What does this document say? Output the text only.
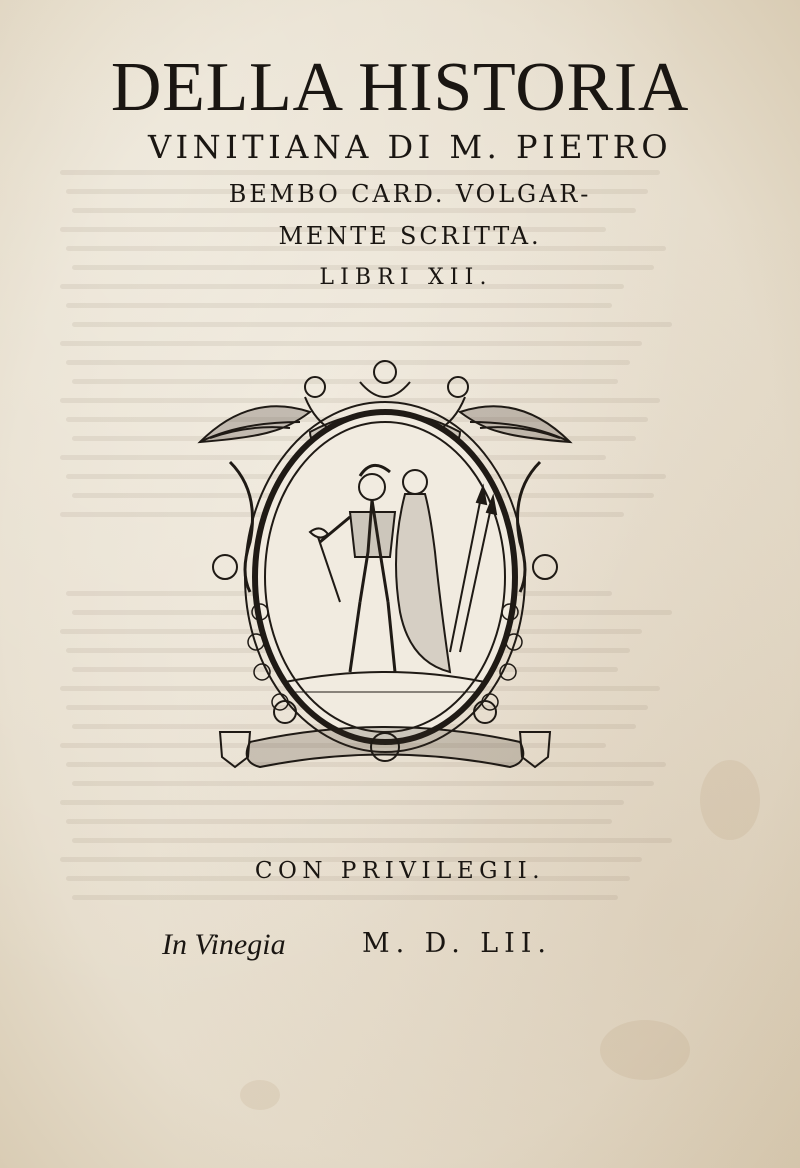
DELLA HISTORIA
VINITIANA DI M. PIETRO
BEMBO CARD. VOLGAR-
MENTE SCRITTA.
LIBRI XII.
CON PRIVILEGII.
In Vinegia	M. D. LII.
